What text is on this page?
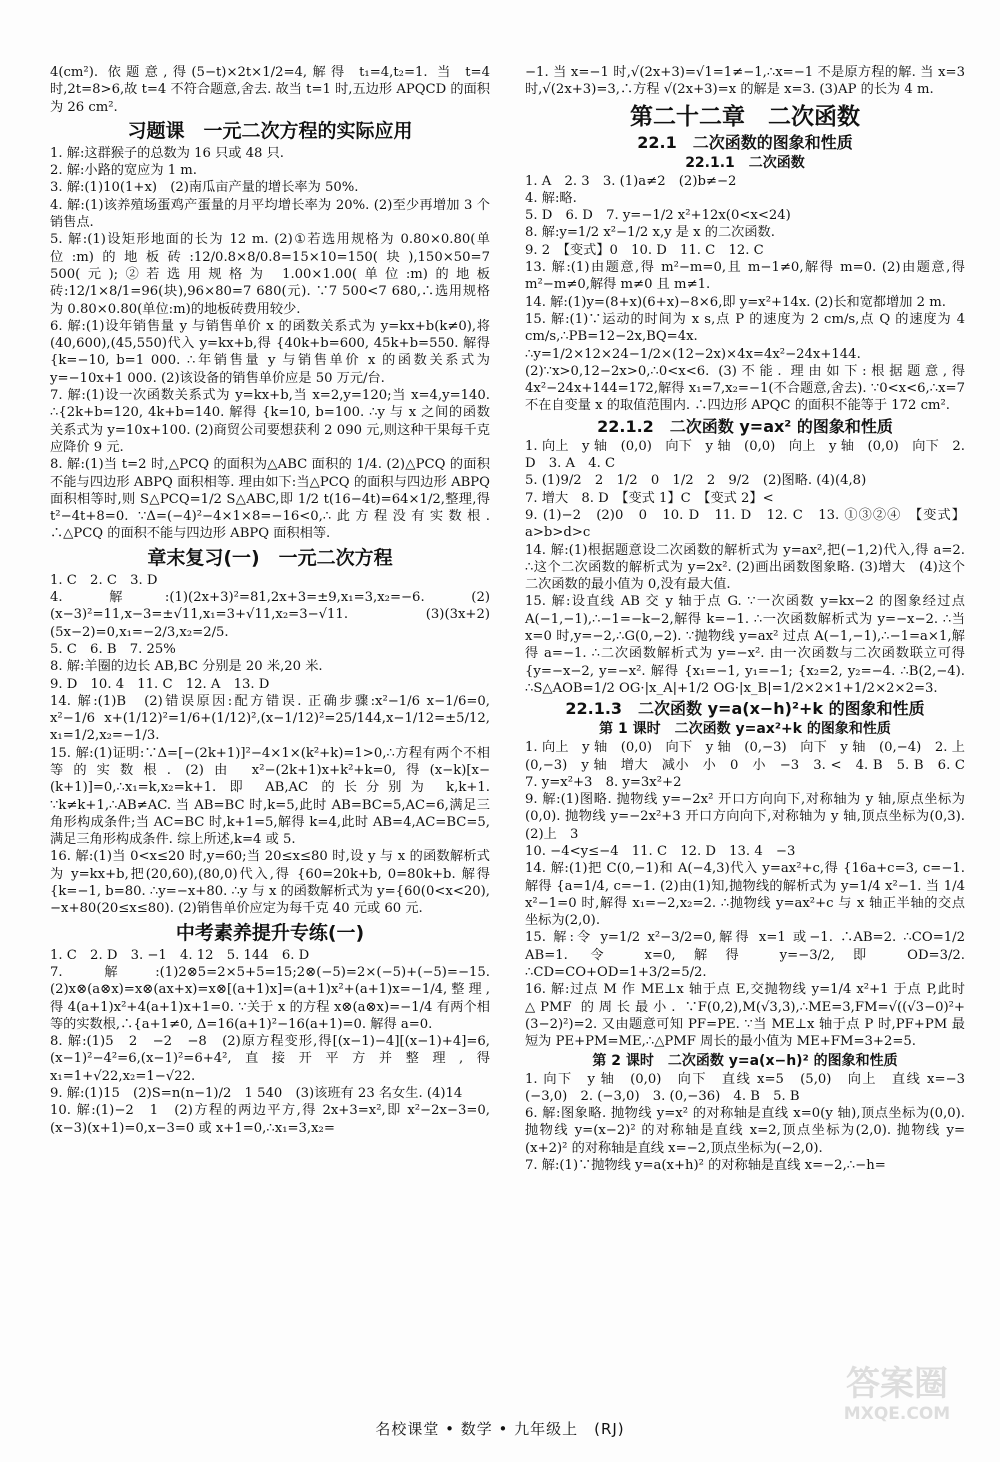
4(cm²). 依题意,得(5−t)×2t×1/2=4,解得 t₁=4,t₂=1. 当 t=4 时,2t=8>6,故 t=4 不符合题意,舍去. 故当 t=1 时,五边形 APQCD 的面积为 26 cm².

习题课　一元二次方程的实际应用

1. 解:这群猴子的总数为 16 只或 48 只.

2. 解:小路的宽应为 1 m.

3. 解:(1)10(1+x)　(2)南瓜亩产量的增长率为 50%.

4. 解:(1)该养殖场蛋鸡产蛋量的月平均增长率为 20%. (2)至少再增加 3 个销售点.

5. 解:(1)设矩形地面的长为 12 m. (2)①若选用规格为 0.80×0.80(单位:m)的地板砖:12/0.8×8/0.8=15×10=150(块),150×50=7 500(元);②若选用规格为 1.00×1.00(单位:m)的地板砖:12/1×8/1=96(块),96×80=7 680(元). ∵7 500<7 680,∴选用规格为 0.80×0.80(单位:m)的地板砖费用较少.

6. 解:(1)设年销售量 y 与销售单价 x 的函数关系式为 y=kx+b(k≠0),将(40,600),(45,550)代入 y=kx+b,得 {40k+b=600, 45k+b=550. 解得 {k=−10, b=1 000. ∴年销售量 y 与销售单价 x 的函数关系式为 y=−10x+1 000. (2)该设备的销售单价应是 50 万元/台.

7. 解:(1)设一次函数关系式为 y=kx+b,当 x=2,y=120;当 x=4,y=140. ∴{2k+b=120, 4k+b=140. 解得 {k=10, b=100. ∴y 与 x 之间的函数关系式为 y=10x+100. (2)商贸公司要想获利 2 090 元,则这种干果每千克应降价 9 元.

8. 解:(1)当 t=2 时,△PCQ 的面积为△ABC 面积的 1/4. (2)△PCQ 的面积不能与四边形 ABPQ 面积相等. 理由如下:当△PCQ 的面积与四边形 ABPQ 面积相等时,则 S△PCQ=1/2 S△ABC,即 1/2 t(16−4t)=64×1/2,整理,得 t²−4t+8=0. ∵Δ=(−4)²−4×1×8=−16<0,∴此方程没有实数根. ∴△PCQ 的面积不能与四边形 ABPQ 面积相等.

章末复习(一)　一元二次方程

1. C　2. C　3. D

4. 解:(1)(2x+3)²=81,2x+3=±9,x₁=3,x₂=−6. (2)(x−3)²=11,x−3=±√11,x₁=3+√11,x₂=3−√11. (3)(3x+2)(5x−2)=0,x₁=−2/3,x₂=2/5.

5. C　6. B　7. 25%

8. 解:羊圈的边长 AB,BC 分别是 20 米,20 米.

9. D　10. 4　11. C　12. A　13. D

14. 解:(1)B　(2)错误原因:配方错误. 正确步骤:x²−1/6 x−1/6=0, x²−1/6 x+(1/12)²=1/6+(1/12)²,(x−1/12)²=25/144,x−1/12=±5/12, x₁=1/2,x₂=−1/3.

15. 解:(1)证明:∵Δ=[−(2k+1)]²−4×1×(k²+k)=1>0,∴方程有两个不相等的实数根. (2)由 x²−(2k+1)x+k²+k=0,得(x−k)[x−(k+1)]=0,∴x₁=k,x₂=k+1. 即 AB,AC 的长分别为 k,k+1. ∵k≠k+1,∴AB≠AC. 当 AB=BC 时,k=5,此时 AB=BC=5,AC=6,满足三角形构成条件;当 AC=BC 时,k+1=5,解得 k=4,此时 AB=4,AC=BC=5,满足三角形构成条件. 综上所述,k=4 或 5.

16. 解:(1)当 0<x≤20 时,y=60;当 20≤x≤80 时,设 y 与 x 的函数解析式为 y=kx+b,把(20,60),(80,0)代入,得 {60=20k+b, 0=80k+b. 解得 {k=−1, b=80. ∴y=−x+80. ∴y 与 x 的函数解析式为 y={60(0<x<20), −x+80(20≤x≤80). (2)销售单价应定为每千克 40 元或 60 元.

中考素养提升专练(一)

1. C　2. D　3. −1　4. 12　5. 144　6. D

7. 解:(1)2⊗5=2×5+5=15;2⊗(−5)=2×(−5)+(−5)=−15. (2)x⊗(a⊗x)=x⊗(ax+x)=x⊗[(a+1)x]=(a+1)x²+(a+1)x=−1/4,整理,得 4(a+1)x²+4(a+1)x+1=0. ∵关于 x 的方程 x⊗(a⊗x)=−1/4 有两个相等的实数根,∴{a+1≠0, Δ=16(a+1)²−16(a+1)=0. 解得 a=0.

8. 解:(1)5　2　−2　−8　(2)原方程变形,得[(x−1)−4][(x−1)+4]=6,(x−1)²−4²=6,(x−1)²=6+4²,直接开平方并整理,得 x₁=1+√22,x₂=1−√22.

9. 解:(1)15　(2)S=n(n−1)/2　1 540　(3)该班有 23 名女生. (4)14

10. 解:(1)−2　1　(2)方程的两边平方,得 2x+3=x²,即 x²−2x−3=0,(x−3)(x+1)=0,x−3=0 或 x+1=0,∴x₁=3,x₂=

−1. 当 x=−1 时,√(2x+3)=√1=1≠−1,∴x=−1 不是原方程的解. 当 x=3 时,√(2x+3)=3,∴方程 √(2x+3)=x 的解是 x=3. (3)AP 的长为 4 m.

第二十二章　二次函数
22.1　二次函数的图象和性质
22.1.1　二次函数

1. A　2. 3　3. (1)a≠2　(2)b≠−2

4. 解:略.

5. D　6. D　7. y=−1/2 x²+12x(0<x<24)

8. 解:y=1/2 x²−1/2 x,y 是 x 的二次函数.

9. 2　【变式】0　10. D　11. C　12. C

13. 解:(1)由题意,得 m²−m=0,且 m−1≠0,解得 m=0. (2)由题意,得 m²−m≠0,解得 m≠0 且 m≠1.

14. 解:(1)y=(8+x)(6+x)−8×6,即 y=x²+14x. (2)长和宽都增加 2 m.

15. 解:(1)∵运动的时间为 x s,点 P 的速度为 2 cm/s,点 Q 的速度为 4 cm/s,∴PB=12−2x,BQ=4x. ∴y=1/2×12×24−1/2×(12−2x)×4x=4x²−24x+144. (2)∵x>0,12−2x>0,∴0<x<6. (3)不能. 理由如下:根据题意,得 4x²−24x+144=172,解得 x₁=7,x₂=−1(不合题意,舍去). ∵0<x<6,∴x=7 不在自变量 x 的取值范围内. ∴四边形 APQC 的面积不能等于 172 cm².

22.1.2　二次函数 y=ax² 的图象和性质

1. 向上　y 轴　(0,0)　向下　y 轴　(0,0)　向上　y 轴　(0,0)　向下　2. D　3. A　4. C

5. (1)9/2　2　1/2　0　1/2　2　9/2　(2)图略. (4)(4,8)

7. 增大　8. D　【变式 1】C　【变式 2】<

9. (1)−2　(2)0　0　10. D　11. D　12. C　13. ①③②④　【变式】a>b>d>c

14. 解:(1)根据题意设二次函数的解析式为 y=ax²,把(−1,2)代入,得 a=2. ∴这个二次函数的解析式为 y=2x². (2)画出函数图象略. (3)增大　(4)这个二次函数的最小值为 0,没有最大值.

15. 解:设直线 AB 交 y 轴于点 G. ∵一次函数 y=kx−2 的图象经过点 A(−1,−1),∴−1=−k−2,解得 k=−1. ∴一次函数解析式为 y=−x−2. ∴当 x=0 时,y=−2,∴G(0,−2). ∵抛物线 y=ax² 过点 A(−1,−1),∴−1=a×1,解得 a=−1. ∴二次函数解析式为 y=−x². 由一次函数与二次函数联立可得 {y=−x−2, y=−x². 解得 {x₁=−1, y₁=−1; {x₂=2, y₂=−4. ∴B(2,−4). ∴S△AOB=1/2 OG·|x_A|+1/2 OG·|x_B|=1/2×2×1+1/2×2×2=3.

22.1.3　二次函数 y=a(x−h)²+k 的图象和性质
第 1 课时　二次函数 y=ax²+k 的图象和性质

1. 向上　y 轴　(0,0)　向下　y 轴　(0,−3)　向下　y 轴　(0,−4)　2. 上　(0,−3)　y 轴　增大　减小　小　0　小　−3　3. <　4. B　5. B　6. C　7. y=x²+3　8. y=3x²+2

9. 解:(1)图略. 抛物线 y=−2x² 开口方向向下,对称轴为 y 轴,原点坐标为(0,0). 抛物线 y=−2x²+3 开口方向向下,对称轴为 y 轴,顶点坐标为(0,3). (2)上　3

10. −4<y≤−4　11. C　12. D　13. 4　−3

14. 解:(1)把 C(0,−1)和 A(−4,3)代入 y=ax²+c,得 {16a+c=3, c=−1. 解得 {a=1/4, c=−1. (2)由(1)知,抛物线的解析式为 y=1/4 x²−1. 当 1/4 x²−1=0 时,解得 x₁=−2,x₂=2. ∴抛物线 y=ax²+c 与 x 轴正半轴的交点坐标为(2,0).

15. 解:令 y=1/2 x²−3/2=0,解得 x=1 或−1. ∴AB=2. ∴CO=1/2 AB=1. 令 x=0,解得 y=−3/2,即 OD=3/2. ∴CD=CO+OD=1+3/2=5/2.

16. 解:过点 M 作 ME⊥x 轴于点 E,交抛物线 y=1/4 x²+1 于点 P,此时△PMF 的周长最小. ∵F(0,2),M(√3,3),∴ME=3,FM=√((√3−0)²+(3−2)²)=2. 又由题意可知 PF=PE. ∵当 ME⊥x 轴于点 P 时,PF+PM 最短为 PE+PM=ME,∴△PMF 周长的最小值为 ME+FM=3+2=5.

第 2 课时　二次函数 y=a(x−h)² 的图象和性质

1. 向下　y 轴　(0,0)　向下　直线 x=5　(5,0)　向上　直线 x=−3　(−3,0)　2. (−3,0)　3. (0,−36)　4. B　5. B

6. 解:图象略. 抛物线 y=x² 的对称轴是直线 x=0(y 轴),顶点坐标为(0,0). 抛物线 y=(x−2)² 的对称轴是直线 x=2,顶点坐标为(2,0). 抛物线 y=(x+2)² 的对称轴是直线 x=−2,顶点坐标为(−2,0).

7. 解:(1)∵抛物线 y=a(x+h)² 的对称轴是直线 x=−2,∴−h=

名校课堂 • 数学 • 九年级上　(RJ)
答案圈
MXQE.COM
